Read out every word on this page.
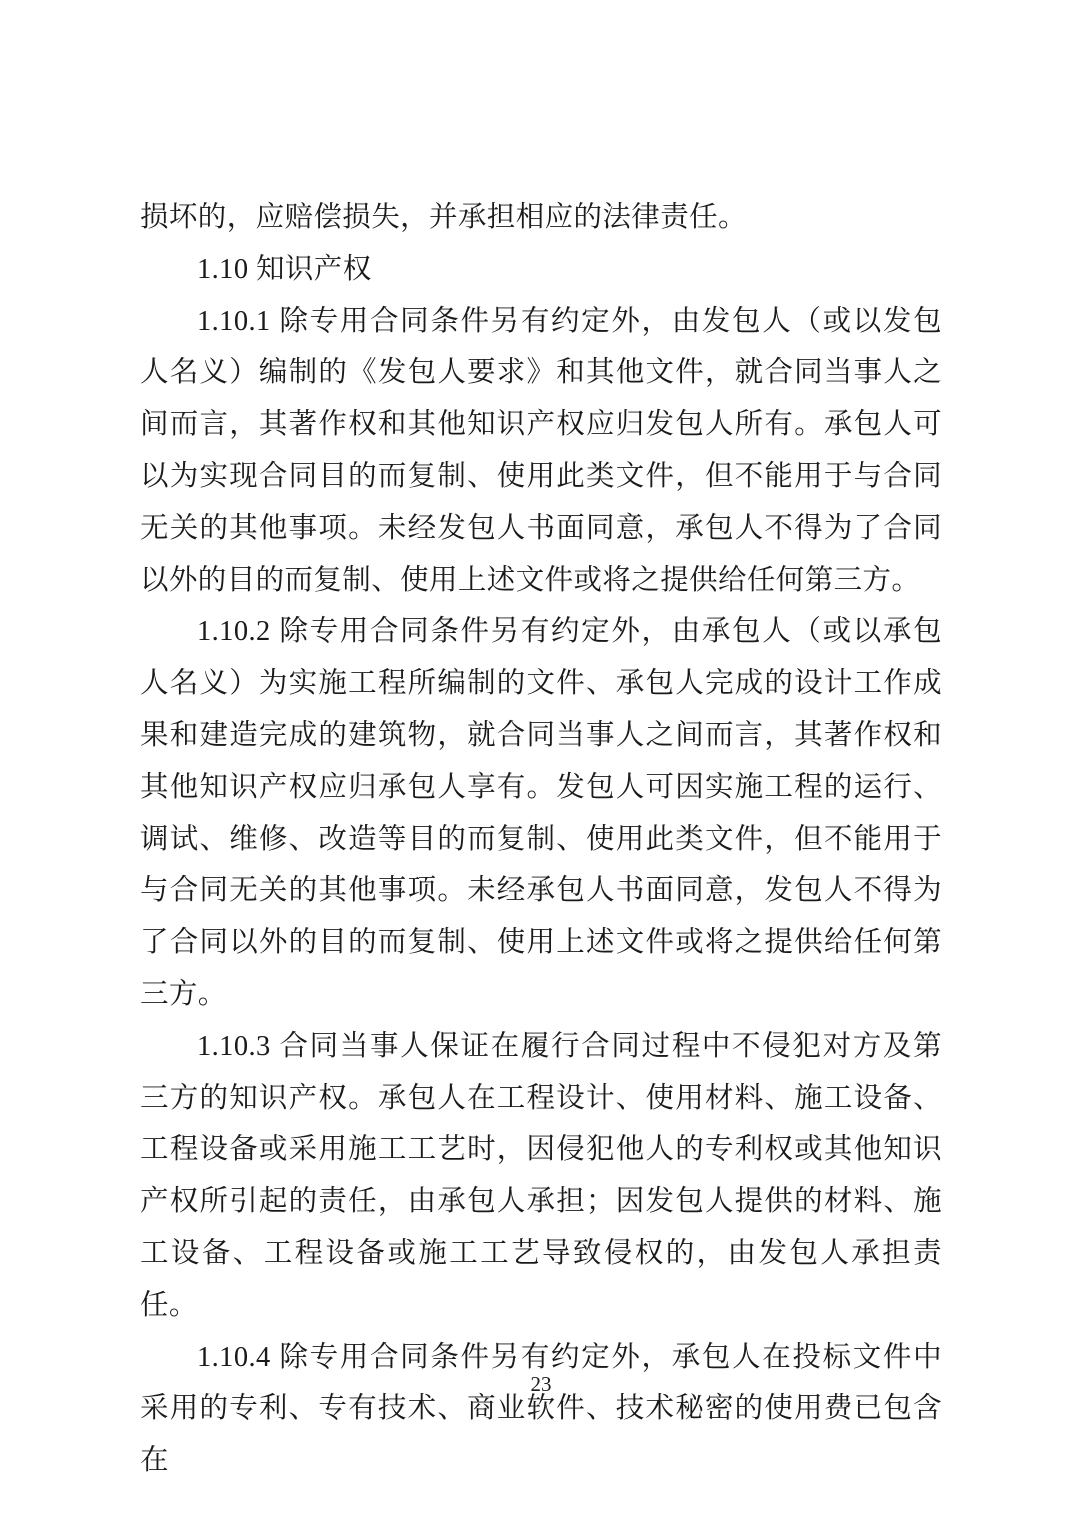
损坏的，应赔偿损失，并承担相应的法律责任。

1.10 知识产权

1.10.1 除专用合同条件另有约定外，由发包人（或以发包人名义）编制的《发包人要求》和其他文件，就合同当事人之间而言，其著作权和其他知识产权应归发包人所有。承包人可以为实现合同目的而复制、使用此类文件，但不能用于与合同无关的其他事项。未经发包人书面同意，承包人不得为了合同以外的目的而复制、使用上述文件或将之提供给任何第三方。

1.10.2 除专用合同条件另有约定外，由承包人（或以承包人名义）为实施工程所编制的文件、承包人完成的设计工作成果和建造完成的建筑物，就合同当事人之间而言，其著作权和其他知识产权应归承包人享有。发包人可因实施工程的运行、调试、维修、改造等目的而复制、使用此类文件，但不能用于与合同无关的其他事项。未经承包人书面同意，发包人不得为了合同以外的目的而复制、使用上述文件或将之提供给任何第三方。

1.10.3 合同当事人保证在履行合同过程中不侵犯对方及第三方的知识产权。承包人在工程设计、使用材料、施工设备、工程设备或采用施工工艺时，因侵犯他人的专利权或其他知识产权所引起的责任，由承包人承担；因发包人提供的材料、施工设备、工程设备或施工工艺导致侵权的，由发包人承担责任。

1.10.4 除专用合同条件另有约定外，承包人在投标文件中采用的专利、专有技术、商业软件、技术秘密的使用费已包含在

23
